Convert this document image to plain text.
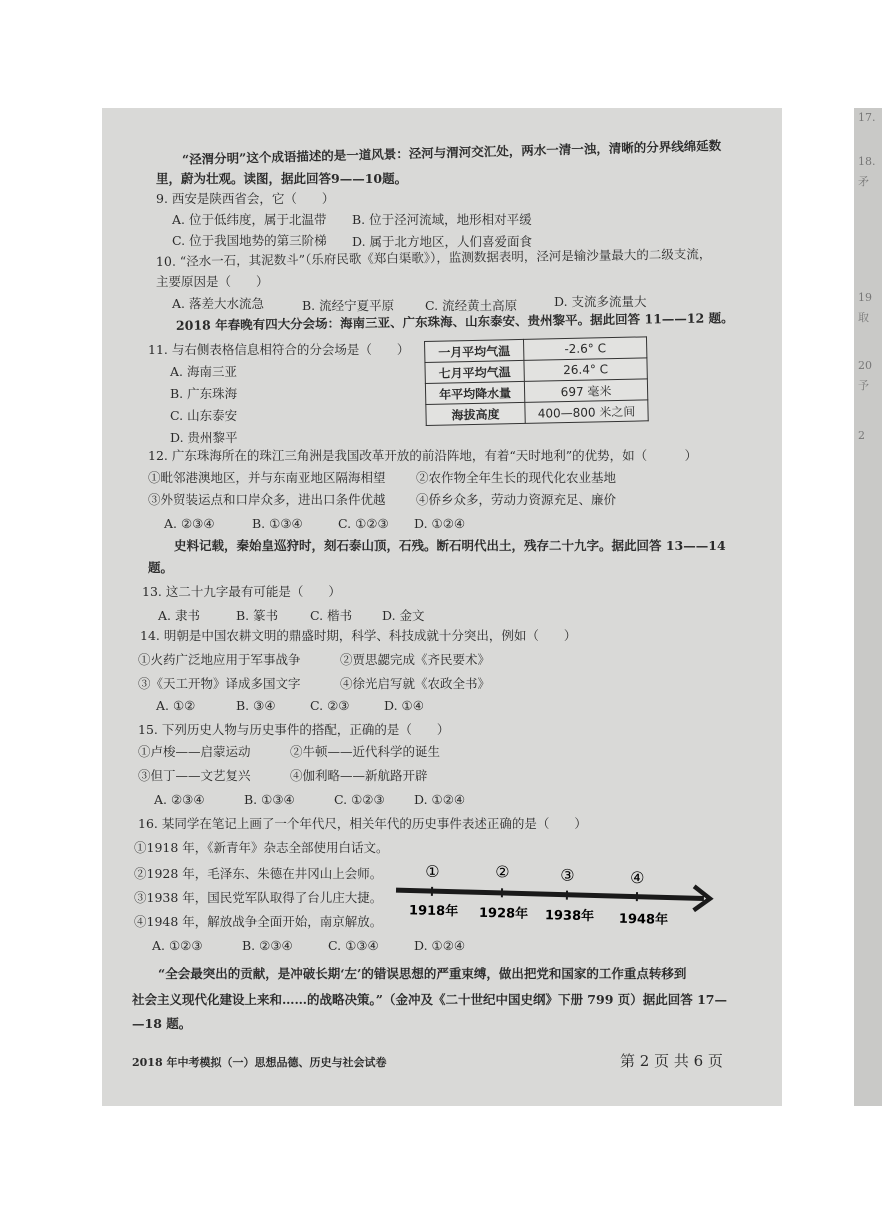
17.
18.
矛
19
取
20
予
2
“泾渭分明”这个成语描述的是一道风景：泾河与渭河交汇处，两水一清一浊，清晰的分界线绵延数
里，蔚为壮观。读图，据此回答9——10题。
9. 西安是陕西省会，它（　　）
A. 位于低纬度，属于北温带 B. 位于泾河流域，地形相对平缓
C. 位于我国地势的第三阶梯 D. 属于北方地区，人们喜爱面食
10. “泾水一石，其泥数斗”（乐府民歌《郑白渠歌》），监测数据表明，泾河是输沙量最大的二级支流，
主要原因是（　　）
A. 落差大水流急	B. 流经宁夏平原 C. 流经黄土高原	D. 支流多流量大
2018 年春晚有四大分会场：海南三亚、广东珠海、山东泰安、贵州黎平。据此回答 11——12 题。
11. 与右侧表格信息相符合的分会场是（　　）
A. 海南三亚
B. 广东珠海
C. 山东泰安
D. 贵州黎平
一月平均气温	-2.6° C
七月平均气温	26.4° C
年平均降水量	697 毫米
海拔高度	400—800 米之间
12. 广东珠海所在的珠江三角洲是我国改革开放的前沿阵地，有着“天时地利”的优势，如（　　　）
①毗邻港澳地区，并与东南亚地区隔海相望 ②农作物全年生长的现代化农业基地
③外贸装运点和口岸众多，进出口条件优越 ④侨乡众多，劳动力资源充足、廉价
A. ②③④	B. ①③④	C. ①②③ D. ①②④
史料记载，秦始皇巡狩时，刻石泰山顶，石残。断石明代出土，残存二十九字。据此回答 13——14
题。
13. 这二十九字最有可能是（　　）
A. 隶书	B. 篆书	C. 楷书 D. 金文
14. 明朝是中国农耕文明的鼎盛时期，科学、科技成就十分突出，例如（　　）
①火药广泛地应用于军事战争	②贾思勰完成《齐民要术》
③《天工开物》译成多国文字	④徐光启写就《农政全书》
A. ①②	B. ③④	C. ②③	D. ①④
15. 下列历史人物与历史事件的搭配，正确的是（　　）
①卢梭——启蒙运动	②牛顿——近代科学的诞生
③但丁——文艺复兴	④伽利略——新航路开辟
A. ②③④	B. ①③④	C. ①②③ D. ①②④
16. 某同学在笔记上画了一个年代尺，相关年代的历史事件表述正确的是（　　）
①1918 年，《新青年》杂志全部使用白话文。
②1928 年，毛泽东、朱德在井冈山上会师。
③1938 年，国民党军队取得了台儿庄大捷。
④1948 年，解放战争全面开始，南京解放。
A. ①②③	B. ②③④	C. ①③④	D. ①②④
①	②	③	④
1918年 1928年 1938年 1948年
“全会最突出的贡献，是冲破长期‘左’的错误思想的严重束缚，做出把党和国家的工作重点转移到
社会主义现代化建设上来和……的战略决策。”（金冲及《二十世纪中国史纲》下册 799 页）据此回答 17—
—18 题。
2018 年中考模拟（一）思想品德、历史与社会试卷	第 2 页 共 6 页
